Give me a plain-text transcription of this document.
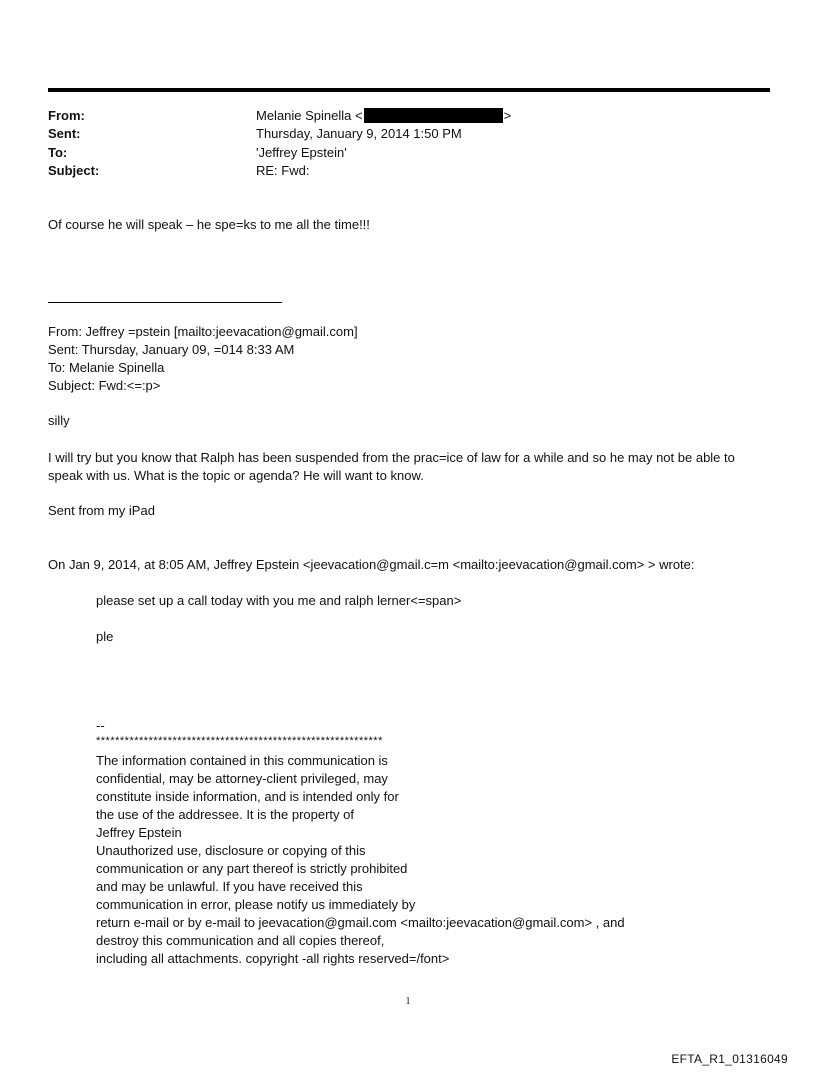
From:	Melanie Spinella <	>
Sent:	Thursday, January 9, 2014 1:50 PM
To:	'Jeffrey Epstein'
Subject:	RE: Fwd:
Of course he will speak – he spe=ks to me all the time!!!
From: Jeffrey =pstein [mailto:jeevacation@gmail.com]
Sent: Thursday, January 09, =014 8:33 AM
To: Melanie Spinella
Subject: Fwd:<=:p>
silly
I will try but you know that Ralph has been suspended from the prac=ice of law for a while and so he may not be able to speak with us. What is the topic or agenda? He will want to know.
Sent from my iPad
On Jan 9, 2014, at 8:05 AM, Jeffrey Epstein <jeevacation@gmail.c=m <mailto:jeevacation@gmail.com> > wrote:
please set up a call today with you me and ralph lerner<=span>
ple
--
************************************************************
The information contained in this communication is
confidential, may be attorney-client privileged, may
constitute inside information, and is intended only for
the use of the addressee. It is the property of
Jeffrey Epstein
Unauthorized use, disclosure or copying of this
communication or any part thereof is strictly prohibited
and may be unlawful. If you have received this
communication in error, please notify us immediately by
return e-mail or by e-mail to jeevacation@gmail.com <mailto:jeevacation@gmail.com> , and
destroy this communication and all copies thereof,
including all attachments. copyright -all rights reserved=/font>
1
EFTA_R1_01316049
